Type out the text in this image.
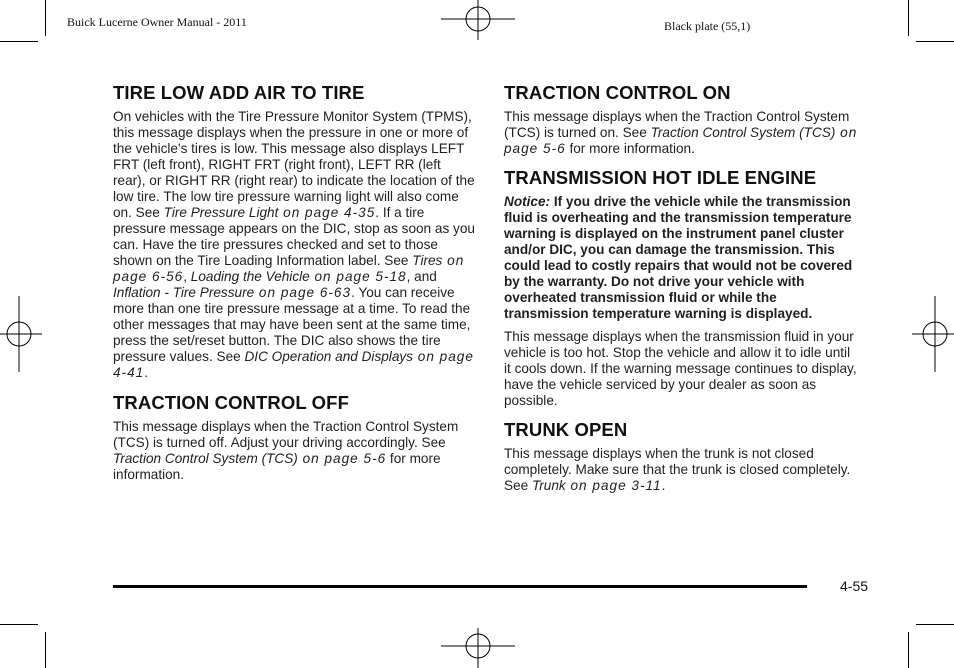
Buick Lucerne Owner Manual - 2011	Black plate (55,1)
TIRE LOW ADD AIR TO TIRE

On vehicles with the Tire Pressure Monitor System (TPMS), this message displays when the pressure in one or more of the vehicle's tires is low. This message also displays LEFT FRT (left front), RIGHT FRT (right front), LEFT RR (left rear), or RIGHT RR (right rear) to indicate the location of the low tire. The low tire pressure warning light will also come on. See Tire Pressure Light on page 4-35. If a tire pressure message appears on the DIC, stop as soon as you can. Have the tire pressures checked and set to those shown on the Tire Loading Information label. See Tires on page 6-56, Loading the Vehicle on page 5-18, and Inflation - Tire Pressure on page 6-63. You can receive more than one tire pressure message at a time. To read the other messages that may have been sent at the same time, press the set/reset button. The DIC also shows the tire pressure values. See DIC Operation and Displays on page 4-41.

TRACTION CONTROL OFF

This message displays when the Traction Control System (TCS) is turned off. Adjust your driving accordingly. See Traction Control System (TCS) on page 5-6 for more information.

TRACTION CONTROL ON

This message displays when the Traction Control System (TCS) is turned on. See Traction Control System (TCS) on page 5-6 for more information.

TRANSMISSION HOT IDLE ENGINE

Notice: If you drive the vehicle while the transmission fluid is overheating and the transmission temperature warning is displayed on the instrument panel cluster and/or DIC, you can damage the transmission. This could lead to costly repairs that would not be covered by the warranty. Do not drive your vehicle with overheated transmission fluid or while the transmission temperature warning is displayed.

This message displays when the transmission fluid in your vehicle is too hot. Stop the vehicle and allow it to idle until it cools down. If the warning message continues to display, have the vehicle serviced by your dealer as soon as possible.

TRUNK OPEN

This message displays when the trunk is not closed completely. Make sure that the trunk is closed completely. See Trunk on page 3-11.

4-55
